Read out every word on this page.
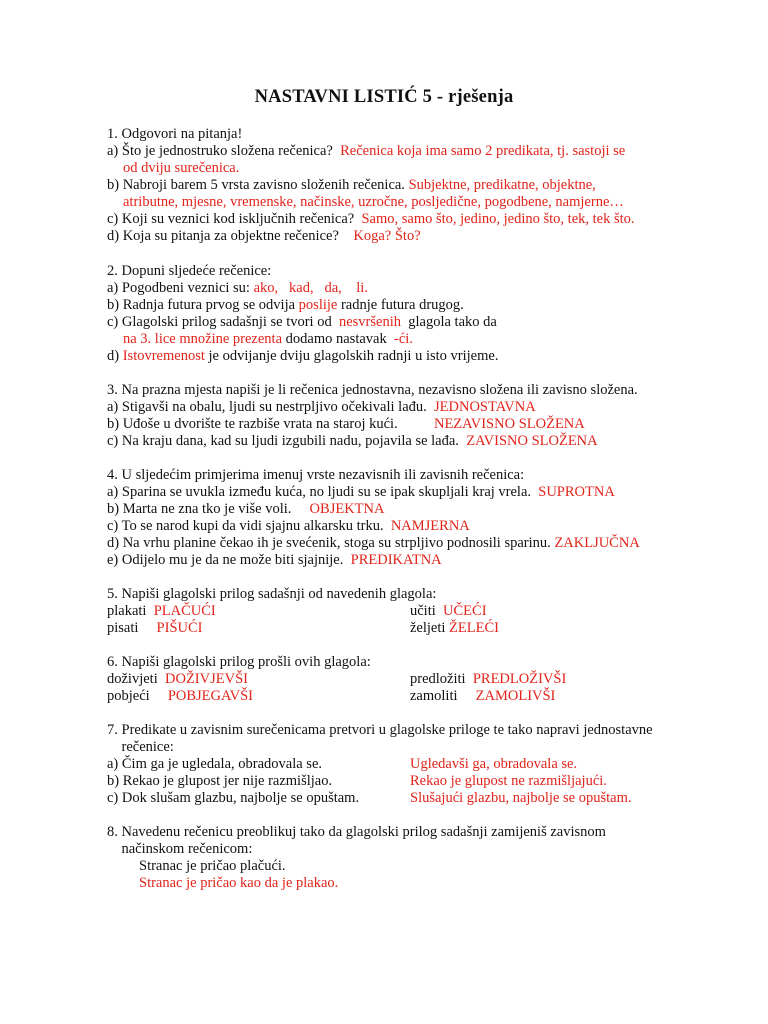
NASTAVNI LISTIĆ 5 - rješenja
1. Odgovori na pitanja!
a) Što je jednostruko složena rečenica?  Rečenica koja ima samo 2 predikata, tj. sastoji se
od dviju surečenica.
b) Nabroji barem 5 vrsta zavisno složenih rečenica. Subjektne, predikatne, objektne,
atributne, mjesne, vremenske, načinske, uzročne, posljedične, pogodbene, namjerne…
c) Koji su veznici kod isključnih rečenica?  Samo, samo što, jedino, jedino što, tek, tek što.
d) Koja su pitanja za objektne rečenice?    Koga? Što?
2. Dopuni sljedeće rečenice:
a) Pogodbeni veznici su: ako,   kad,   da,    li.
b) Radnja futura prvog se odvija poslije radnje futura drugog.
c) Glagolski prilog sadašnji se tvori od  nesvršenih  glagola tako da
na 3. lice množine prezenta dodamo nastavak  -ći.
d) Istovremenost je odvijanje dviju glagolskih radnji u isto vrijeme.
3. Na prazna mjesta napiši je li rečenica jednostavna, nezavisno složena ili zavisno složena.
a) Stigavši na obalu, ljudi su nestrpljivo očekivali lađu.  JEDNOSTAVNA
b) Uđoše u dvorište te razbiše vrata na staroj kući.          NEZAVISNO SLOŽENA
c) Na kraju dana, kad su ljudi izgubili nadu, pojavila se lađa.  ZAVISNO SLOŽENA
4. U sljedećim primjerima imenuj vrste nezavisnih ili zavisnih rečenica:
a) Sparina se uvukla između kuća, no ljudi su se ipak skupljali kraj vrela.  SUPROTNA
b) Marta ne zna tko je više voli.     OBJEKTNA
c) To se narod kupi da vidi sjajnu alkarsku trku.  NAMJERNA
d) Na vrhu planine čekao ih je svećenik, stoga su strpljivo podnosili sparinu. ZAKLJUČNA
e) Odijelo mu je da ne može biti sjajnije.  PREDIKATNA
5. Napiši glagolski prilog sadašnji od navedenih glagola:
plakati  PLAČUĆI	učiti  UČEĆI
pisati     PIŠUĆI	željeti ŽELEĆI
6. Napiši glagolski prilog prošli ovih glagola:
doživjeti  DOŽIVJEVŠI	predložiti  PREDLOŽIVŠI
pobjeći     POBJEGAVŠI	zamoliti     ZAMOLIVŠI
7. Predikate u zavisnim surečenicama pretvori u glagolske priloge te tako napravi jednostavne
rečenice:
a) Čim ga je ugledala, obradovala se.	Ugledavši ga, obradovala se.
b) Rekao je glupost jer nije razmišljao.	Rekao je glupost ne razmišljajući.
c) Dok slušam glazbu, najbolje se opuštam.	Slušajući glazbu, najbolje se opuštam.
8. Navedenu rečenicu preoblikuj tako da glagolski prilog sadašnji zamijeniš zavisnom
načinskom rečenicom:
Stranac je pričao plačući.
Stranac je pričao kao da je plakao.
